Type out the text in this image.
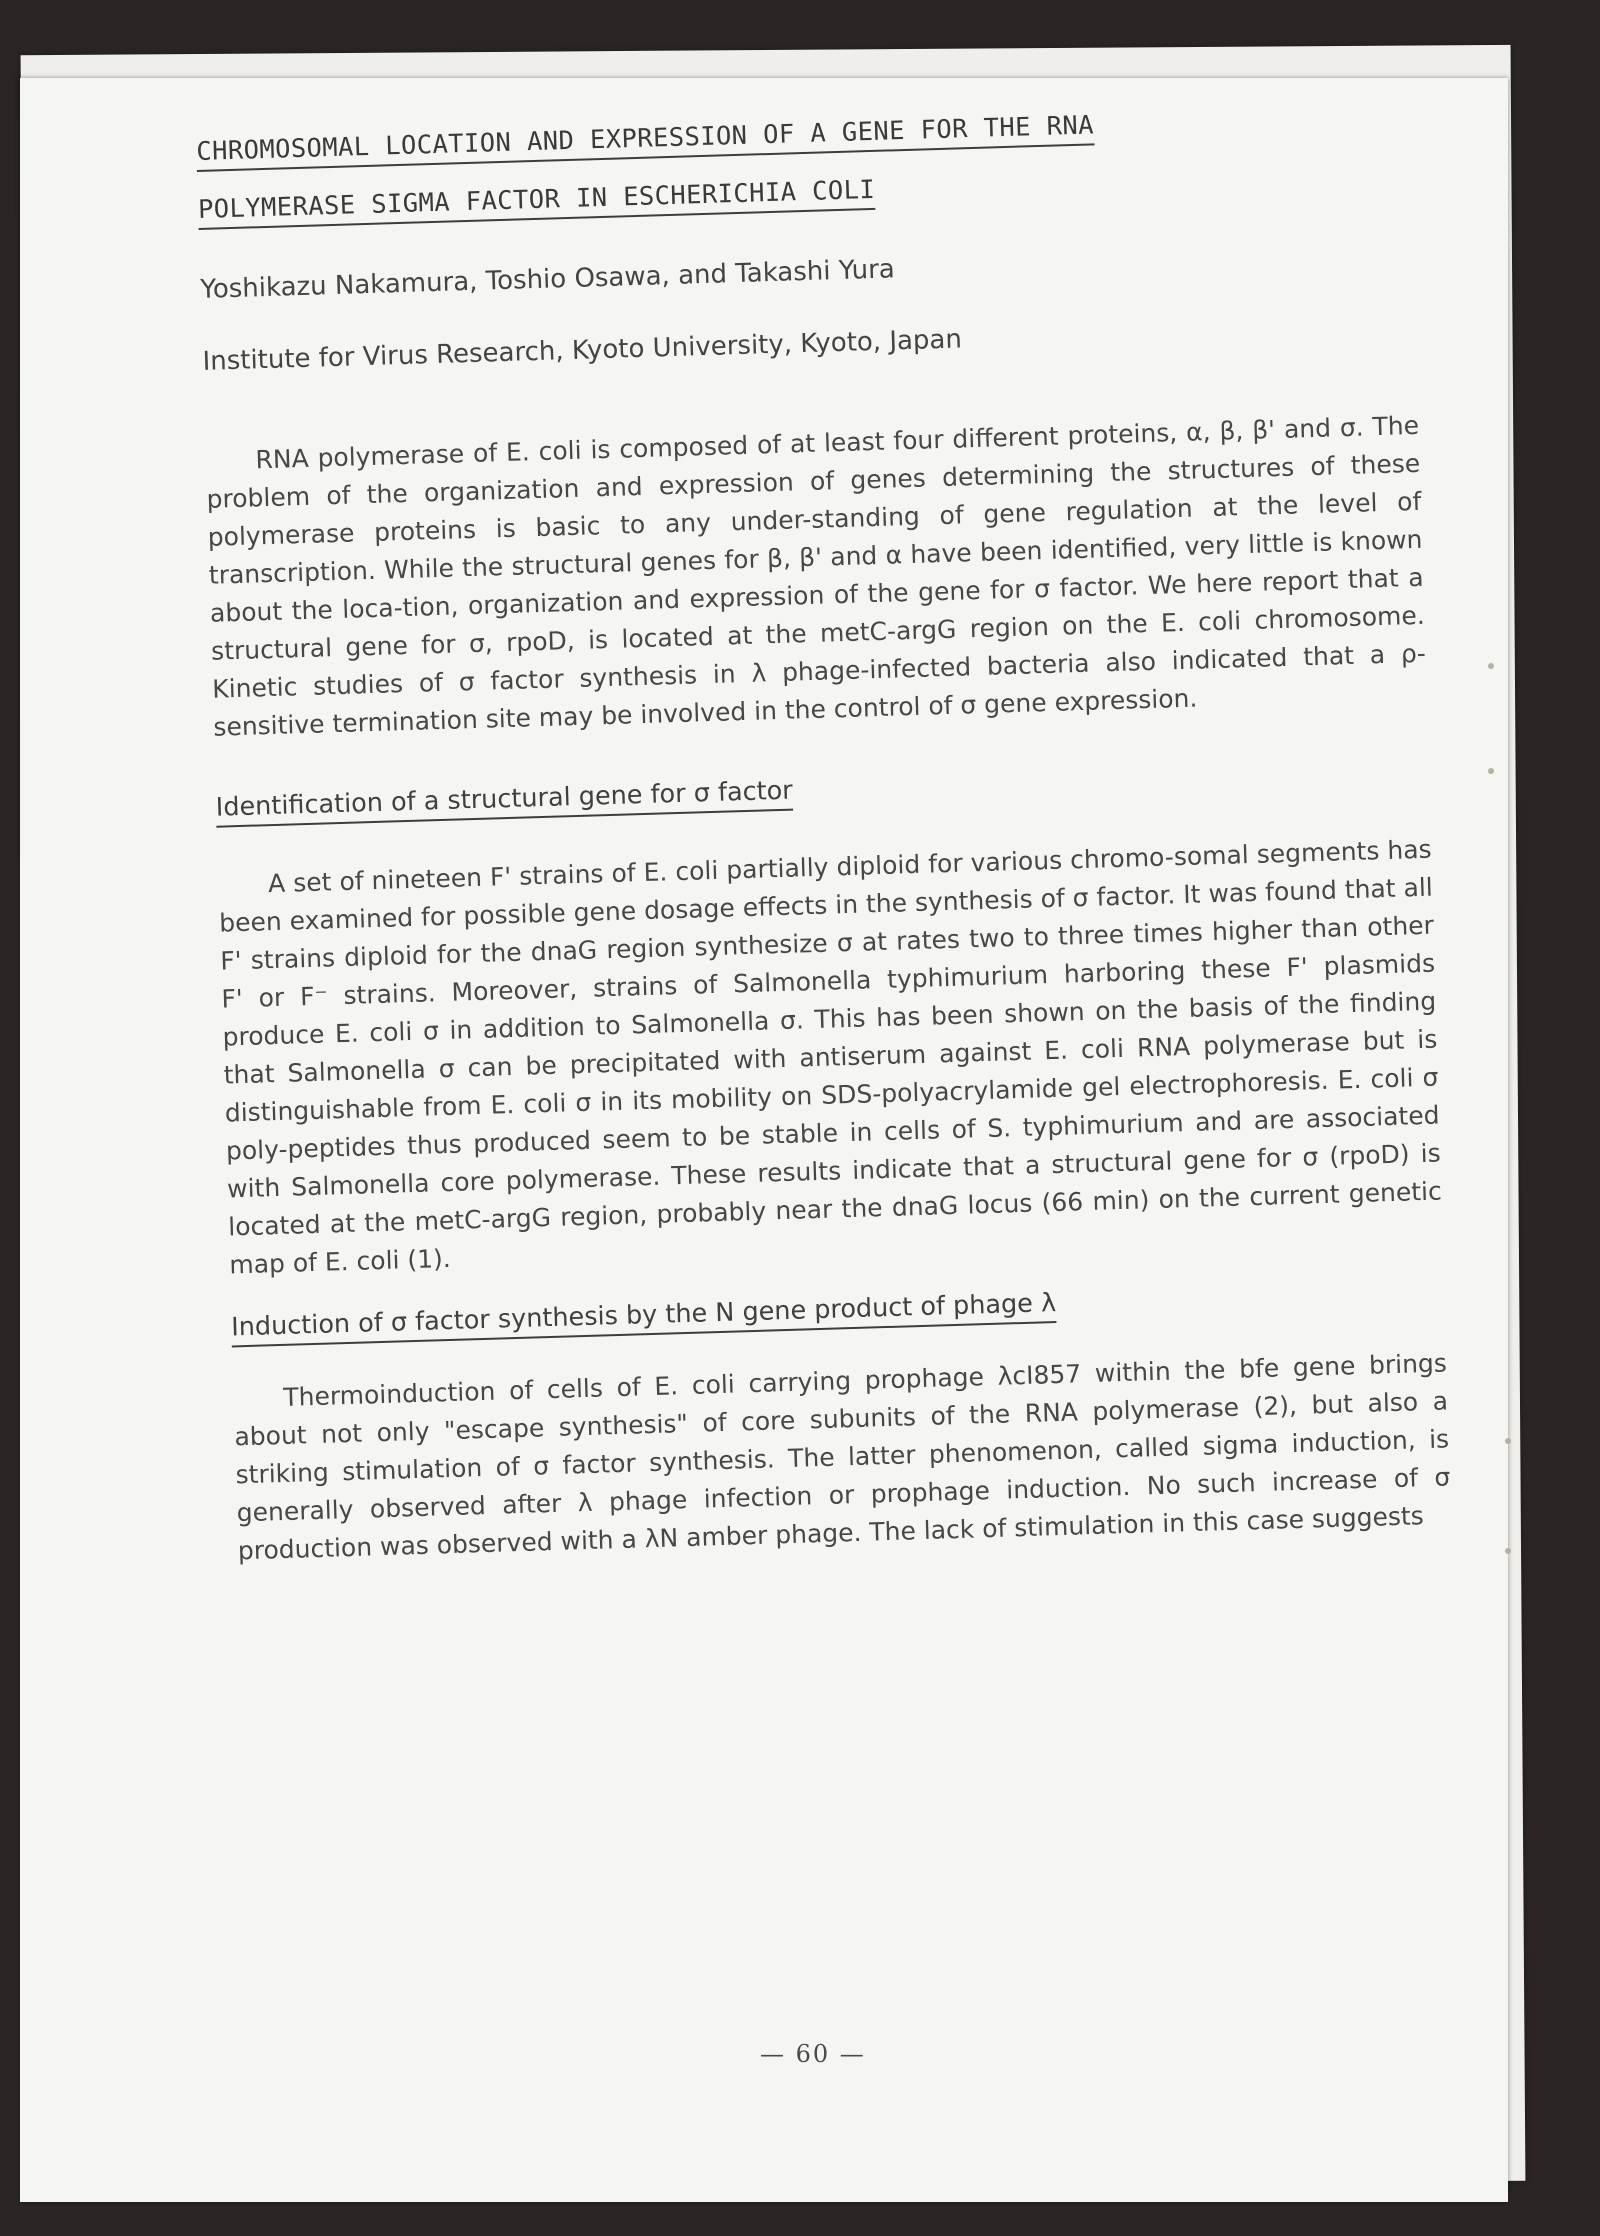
CHROMOSOMAL LOCATION AND EXPRESSION OF A GENE FOR THE RNA

POLYMERASE SIGMA FACTOR IN ESCHERICHIA COLI

Yoshikazu Nakamura, Toshio Osawa, and Takashi Yura
Institute for Virus Research, Kyoto University, Kyoto, Japan

RNA polymerase of E. coli is composed of at least four different proteins, α, β, β' and σ. The problem of the organization and expression of genes determining the structures of these polymerase proteins is basic to any under-standing of gene regulation at the level of transcription. While the structural genes for β, β' and α have been identified, very little is known about the loca-tion, organization and expression of the gene for σ factor. We here report that a structural gene for σ, rpoD, is located at the metC-argG region on the E. coli chromosome. Kinetic studies of σ factor synthesis in λ phage-infected bacteria also indicated that a ρ-sensitive termination site may be involved in the control of σ gene expression.

Identification of a structural gene for σ factor

A set of nineteen F' strains of E. coli partially diploid for various chromo-somal segments has been examined for possible gene dosage effects in the synthesis of σ factor. It was found that all F' strains diploid for the dnaG region synthesize σ at rates two to three times higher than other F' or F⁻ strains. Moreover, strains of Salmonella typhimurium harboring these F' plasmids produce E. coli σ in addition to Salmonella σ. This has been shown on the basis of the finding that Salmonella σ can be precipitated with antiserum against E. coli RNA polymerase but is distinguishable from E. coli σ in its mobility on SDS-polyacrylamide gel electrophoresis. E. coli σ poly-peptides thus produced seem to be stable in cells of S. typhimurium and are associated with Salmonella core polymerase. These results indicate that a structural gene for σ (rpoD) is located at the metC-argG region, probably near the dnaG locus (66 min) on the current genetic map of E. coli (1).

Induction of σ factor synthesis by the N gene product of phage λ

Thermoinduction of cells of E. coli carrying prophage λcI857 within the bfe gene brings about not only "escape synthesis" of core subunits of the RNA polymerase (2), but also a striking stimulation of σ factor synthesis. The latter phenomenon, called sigma induction, is generally observed after λ phage infection or prophage induction. No such increase of σ production was observed with a λN amber phage. The lack of stimulation in this case suggests

— 60 —
